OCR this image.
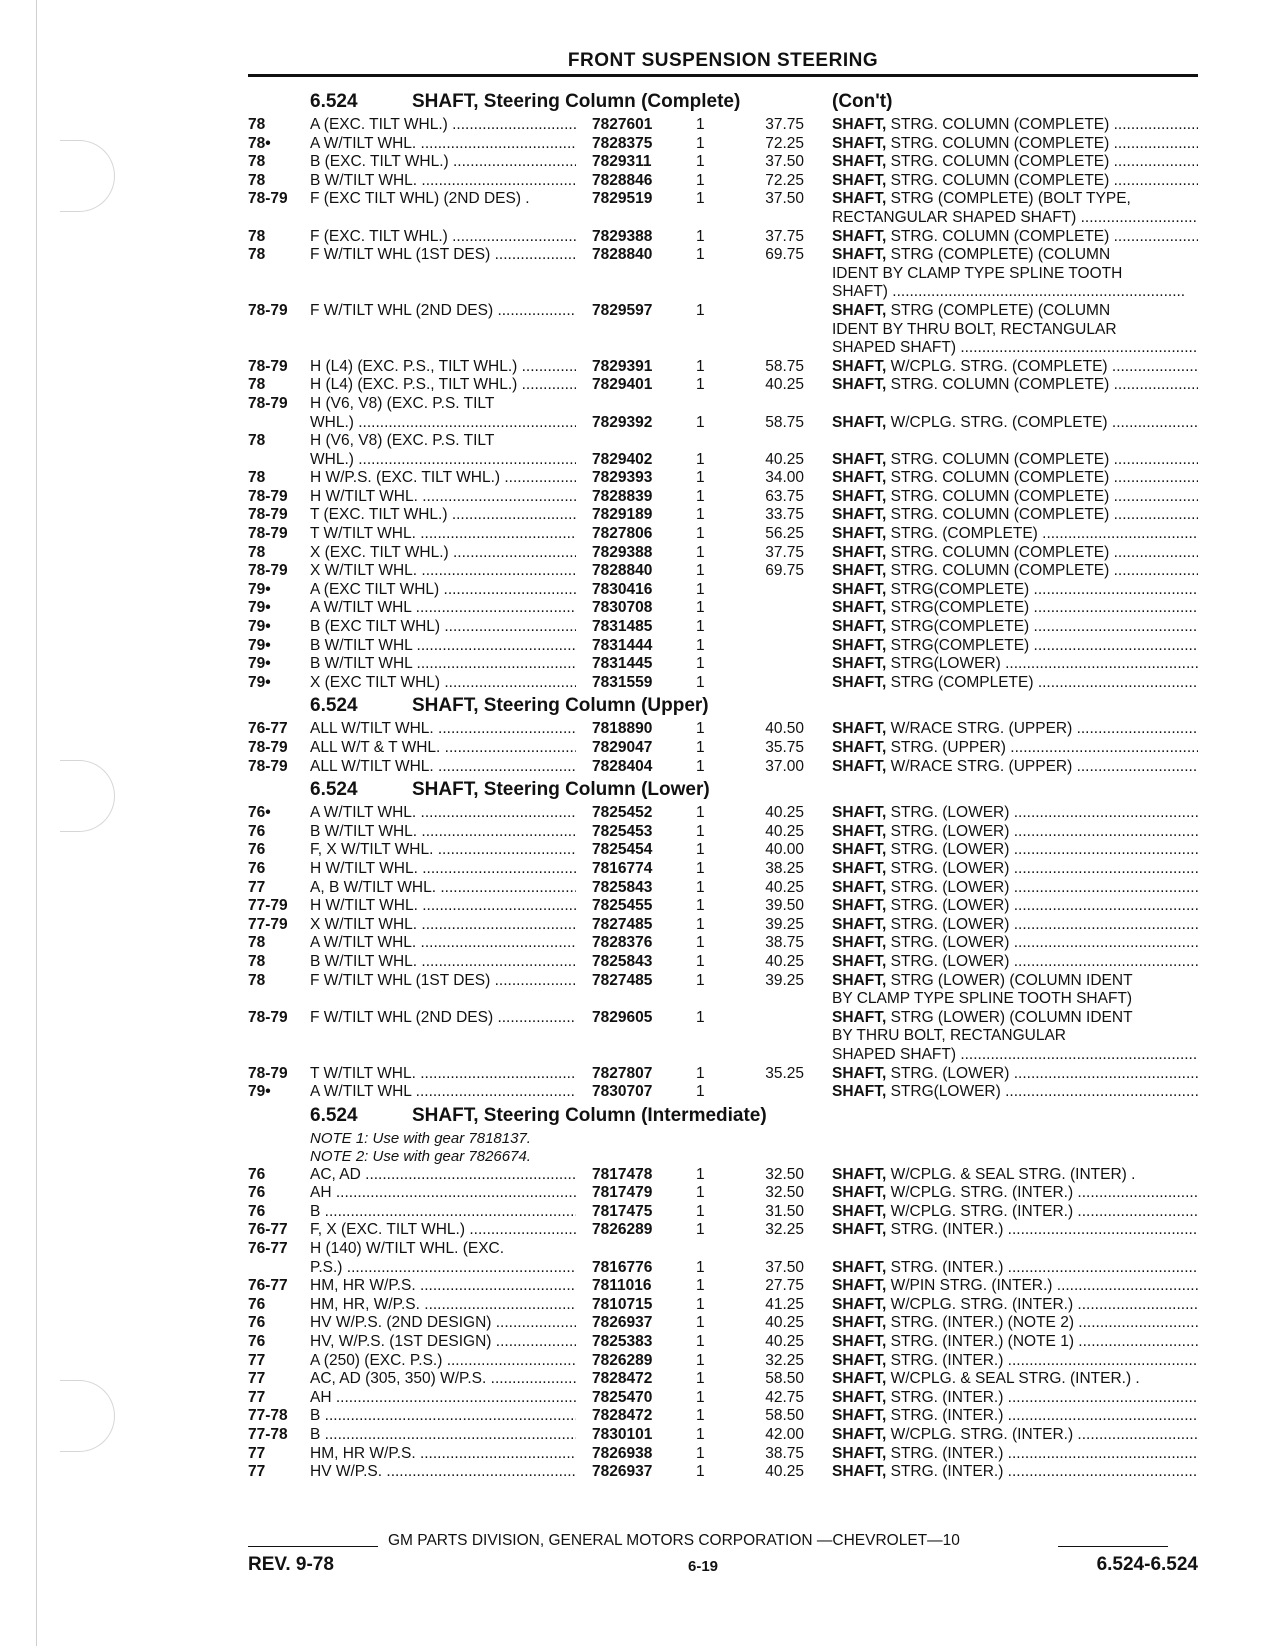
FRONT SUSPENSION STEERING
6.524	SHAFT, Steering Column (Complete)	(Con't)
78	A (EXC. TILT WHL.) .....	7827601	1	37.75 SHAFT, STRG. COLUMN (COMPLETE) .....
78•	A W/TILT WHL. .....	7828375	1	72.25 SHAFT, STRG. COLUMN (COMPLETE) .....
78	B (EXC. TILT WHL.) .....	7829311	1	37.50 SHAFT, STRG. COLUMN (COMPLETE) .....
78	B W/TILT WHL. .....	7828846	1	72.25 SHAFT, STRG. COLUMN (COMPLETE) .....
78-79 F (EXC TILT WHL) (2ND DES) .	7829519	1	37.50 SHAFT, STRG (COMPLETE) (BOLT TYPE,
RECTANGULAR SHAPED SHAFT) .....
78	F (EXC. TILT WHL.) .....	7829388	1	37.75 SHAFT, STRG. COLUMN (COMPLETE) .....
78	F W/TILT WHL (1ST DES) .....	7828840	1	69.75 SHAFT, STRG (COMPLETE) (COLUMN
IDENT BY CLAMP TYPE SPLINE TOOTH
SHAFT) .....
78-79 F W/TILT WHL (2ND DES) .....	7829597	1	SHAFT, STRG (COMPLETE) (COLUMN
IDENT BY THRU BOLT, RECTANGULAR
SHAPED SHAFT) .....
78-79 H (L4) (EXC. P.S., TILT WHL.) .....	7829391	1	58.75 SHAFT, W/CPLG. STRG. (COMPLETE) .....
78	H (L4) (EXC. P.S., TILT WHL.) .....	7829401	1	40.25 SHAFT, STRG. COLUMN (COMPLETE) .....
78-79 H (V6, V8) (EXC. P.S. TILT
WHL.) .....	7829392	1	58.75 SHAFT, W/CPLG. STRG. (COMPLETE) .....
78	H (V6, V8) (EXC. P.S. TILT
WHL.) .....	7829402	1	40.25 SHAFT, STRG. COLUMN (COMPLETE) .....
78	H W/P.S. (EXC. TILT WHL.) .....	7829393	1	34.00 SHAFT, STRG. COLUMN (COMPLETE) .....
78-79 H W/TILT WHL. .....	7828839	1	63.75 SHAFT, STRG. COLUMN (COMPLETE) .....
78-79 T (EXC. TILT WHL.) .....	7829189	1	33.75 SHAFT, STRG. COLUMN (COMPLETE) .....
78-79 T W/TILT WHL. .....	7827806	1	56.25 SHAFT, STRG. (COMPLETE) .....
78	X (EXC. TILT WHL.) .....	7829388	1	37.75 SHAFT, STRG. COLUMN (COMPLETE) .....
78-79 X W/TILT WHL. .....	7828840	1	69.75 SHAFT, STRG. COLUMN (COMPLETE) .....
79•	A (EXC TILT WHL) .....	7830416	1	SHAFT, STRG(COMPLETE) .....
79•	A W/TILT WHL .....	7830708	1	SHAFT, STRG(COMPLETE) .....
79•	B (EXC TILT WHL) .....	7831485	1	SHAFT, STRG(COMPLETE) .....
79•	B W/TILT WHL .....	7831444	1	SHAFT, STRG(COMPLETE) .....
79•	B W/TILT WHL .....	7831445	1	SHAFT, STRG(LOWER) .....
79•	X (EXC TILT WHL) .....	7831559	1	SHAFT, STRG (COMPLETE) .....
6.524	SHAFT, Steering Column (Upper)
76-77 ALL W/TILT WHL. .....	7818890	1	40.50 SHAFT, W/RACE STRG. (UPPER) .....
78-79 ALL W/T & T WHL. .....	7829047	1	35.75 SHAFT, STRG. (UPPER) .....
78-79 ALL W/TILT WHL. .....	7828404	1	37.00 SHAFT, W/RACE STRG. (UPPER) .....
6.524	SHAFT, Steering Column (Lower)
76•	A W/TILT WHL. .....	7825452	1	40.25 SHAFT, STRG. (LOWER) .....
76	B W/TILT WHL. .....	7825453	1	40.25 SHAFT, STRG. (LOWER) .....
76	F, X W/TILT WHL. .....	7825454	1	40.00 SHAFT, STRG. (LOWER) .....
76	H W/TILT WHL. .....	7816774	1	38.25 SHAFT, STRG. (LOWER) .....
77	A, B W/TILT WHL. .....	7825843	1	40.25 SHAFT, STRG. (LOWER) .....
77-79 H W/TILT WHL. .....	7825455	1	39.50 SHAFT, STRG. (LOWER) .....
77-79 X W/TILT WHL. .....	7827485	1	39.25 SHAFT, STRG. (LOWER) .....
78	A W/TILT WHL. .....	7828376	1	38.75 SHAFT, STRG. (LOWER) .....
78	B W/TILT WHL. .....	7825843	1	40.25 SHAFT, STRG. (LOWER) .....
78	F W/TILT WHL (1ST DES) .....	7827485	1	39.25 SHAFT, STRG (LOWER) (COLUMN IDENT
BY CLAMP TYPE SPLINE TOOTH SHAFT)
78-79 F W/TILT WHL (2ND DES) .....	7829605	1	SHAFT, STRG (LOWER) (COLUMN IDENT
BY THRU BOLT, RECTANGULAR
SHAPED SHAFT) .....
78-79 T W/TILT WHL. .....	7827807	1	35.25 SHAFT, STRG. (LOWER) .....
79•	A W/TILT WHL .....	7830707	1	SHAFT, STRG(LOWER) .....
6.524	SHAFT, Steering Column (Intermediate)
NOTE 1: Use with gear 7818137.
NOTE 2: Use with gear 7826674.
76	AC, AD .....	7817478	1	32.50 SHAFT, W/CPLG. & SEAL STRG. (INTER) .
76	AH .....	7817479	1	32.50 SHAFT, W/CPLG. STRG. (INTER.) .....
76	B .....	7817475	1	31.50 SHAFT, W/CPLG. STRG. (INTER.) .....
76-77 F, X (EXC. TILT WHL.) .....	7826289	1	32.25 SHAFT, STRG. (INTER.) .....
76-77 H (140) W/TILT WHL. (EXC.
P.S.) .....	7816776	1	37.50 SHAFT, STRG. (INTER.) .....
76-77 HM, HR W/P.S. .....	7811016	1	27.75 SHAFT, W/PIN STRG. (INTER.) .....
76	HM, HR, W/P.S. .....	7810715	1	41.25 SHAFT, W/CPLG. STRG. (INTER.) .....
76	HV W/P.S. (2ND DESIGN) .....	7826937	1	40.25 SHAFT, STRG. (INTER.) (NOTE 2) .....
76	HV, W/P.S. (1ST DESIGN) .....	7825383	1	40.25 SHAFT, STRG. (INTER.) (NOTE 1) .....
77	A (250) (EXC. P.S.) .....	7826289	1	32.25 SHAFT, STRG. (INTER.) .....
77	AC, AD (305, 350) W/P.S. .....	7828472	1	58.50 SHAFT, W/CPLG. & SEAL STRG. (INTER.) .
77	AH .....	7825470	1	42.75 SHAFT, STRG. (INTER.) .....
77-78 B .....	7828472	1	58.50 SHAFT, STRG. (INTER.) .....
77-78 B .....	7830101	1	42.00 SHAFT, W/CPLG. STRG. (INTER.) .....
77	HM, HR W/P.S. .....	7826938	1	38.75 SHAFT, STRG. (INTER.) .....
77	HV W/P.S. .....	7826937	1	40.25 SHAFT, STRG. (INTER.) .....
GM PARTS DIVISION, GENERAL MOTORS CORPORATION —CHEVROLET—10
REV. 9-78	6-19	6.524-6.524
